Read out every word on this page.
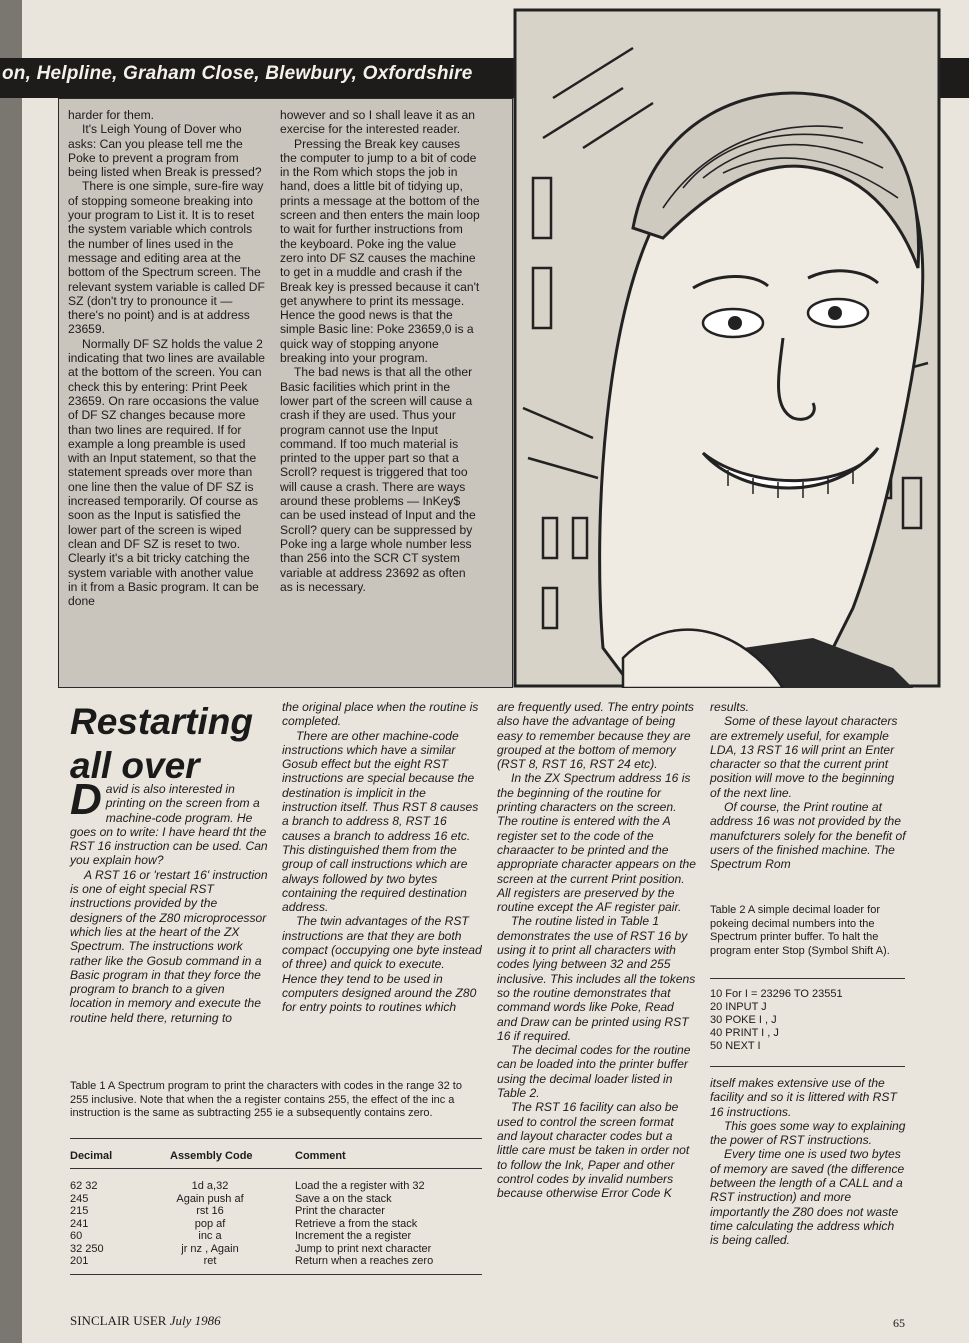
on, Helpline, Graham Close, Blewbury, Oxfordshire

harder for them.

It's Leigh Young of Dover who asks: Can you please tell me the Poke to prevent a program from being listed when Break is pressed?

There is one simple, sure-fire way of stopping someone breaking into your program to List it. It is to reset the system variable which controls the number of lines used in the message and editing area at the bottom of the Spectrum screen. The relevant system variable is called DF SZ (don't try to pronounce it — there's no point) and is at address 23659.

Normally DF SZ holds the value 2 indicating that two lines are available at the bottom of the screen. You can check this by entering: Print Peek 23659. On rare occasions the value of DF SZ changes because more than two lines are required. If for example a long preamble is used with an Input statement, so that the statement spreads over more than one line then the value of DF SZ is increased temporarily. Of course as soon as the Input is satisfied the lower part of the screen is wiped clean and DF SZ is reset to two. Clearly it's a bit tricky catching the system variable with another value in it from a Basic program. It can be done

however and so I shall leave it as an exercise for the interested reader.

Pressing the Break key causes the computer to jump to a bit of code in the Rom which stops the job in hand, does a little bit of tidying up, prints a message at the bottom of the screen and then enters the main loop to wait for further instructions from the keyboard. Poke ing the value zero into DF SZ causes the machine to get in a muddle and crash if the Break key is pressed because it can't get anywhere to print its message. Hence the good news is that the simple Basic line: Poke 23659,0 is a quick way of stopping anyone breaking into your program.

The bad news is that all the other Basic facilities which print in the lower part of the screen will cause a crash if they are used. Thus your program cannot use the Input command. If too much material is printed to the upper part so that a Scroll? request is triggered that too will cause a crash. There are ways around these problems — InKey$ can be used instead of Input and the Scroll? query can be suppressed by Poke ing a large whole number less than 256 into the SCR CT system variable at address 23692 as often as is necessary.

Restarting
all over

David is also interested in printing on the screen from a machine-code program. He goes on to write: I have heard tht the RST 16 instruction can be used. Can you explain how?

A RST 16 or 'restart 16' instruction is one of eight special RST instructions provided by the designers of the Z80 microprocessor which lies at the heart of the ZX Spectrum. The instructions work rather like the Gosub command in a Basic program in that they force the program to branch to a given location in memory and execute the routine held there, returning to

the original place when the routine is completed.

There are other machine-code instructions which have a similar Gosub effect but the eight RST instructions are special because the destination is implicit in the instruction itself. Thus RST 8 causes a branch to address 8, RST 16 causes a branch to address 16 etc. This distinguished them from the group of call instructions which are always followed by two bytes containing the required destination address.

The twin advantages of the RST instructions are that they are both compact (occupying one byte instead of three) and quick to execute. Hence they tend to be used in computers designed around the Z80 for entry points to routines which

are frequently used. The entry points also have the advantage of being easy to remember because they are grouped at the bottom of memory (RST 8, RST 16, RST 24 etc).

In the ZX Spectrum address 16 is the beginning of the routine for printing characters on the screen. The routine is entered with the A register set to the code of the charaacter to be printed and the appropriate character appears on the screen at the current Print position. All registers are preserved by the routine except the AF register pair.

The routine listed in Table 1 demonstrates the use of RST 16 by using it to print all characters with codes lying between 32 and 255 inclusive. This includes all the tokens so the routine demonstrates that command words like Poke, Read and Draw can be printed using RST 16 if required.

The decimal codes for the routine can be loaded into the printer buffer using the decimal loader listed in Table 2.

The RST 16 facility can also be used to control the screen format and layout character codes but a little care must be taken in order not to follow the Ink, Paper and other control codes by invalid numbers because otherwise Error Code K

results.

Some of these layout characters are extremely useful, for example LDA, 13 RST 16 will print an Enter character so that the current print position will move to the beginning of the next line.

Of course, the Print routine at address 16 was not provided by the manufcturers solely for the benefit of users of the finished machine. The Spectrum Rom

Table 2 A simple decimal loader for pokeing decimal numbers into the Spectrum printer buffer. To halt the program enter Stop (Symbol Shift A).
10 For I = 23296 TO 23551
20 INPUT J
30 POKE I , J
40 PRINT I , J
50 NEXT I

itself makes extensive use of the facility and so it is littered with RST 16 instructions.

This goes some way to explaining the power of RST instructions.

Every time one is used two bytes of memory are saved (the difference between the length of a CALL and a RST instruction) and more importantly the Z80 does not waste time calculating the address which is being called.

Table 1 A Spectrum program to print the characters with codes in the range 32 to 255 inclusive. Note that when the a register contains 255, the effect of the inc a instruction is the same as subtracting 255 ie a subsequently contains zero.
Decimal	Assembly Code	Comment
62 32	1d a,32	Load the a register with 32
245	Again push af	Save a on the stack
215	rst 16	Print the character
241	pop af	Retrieve a from the stack
60	inc a	Increment the a register
32 250	jr nz , Again	Jump to print next character
201	ret	Return when a reaches zero
SINCLAIR USER July 1986	65
